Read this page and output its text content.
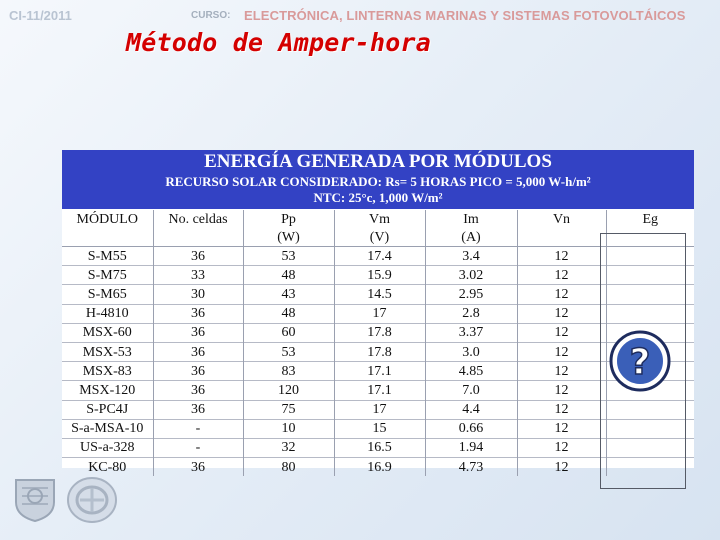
CI-11/2011	CURSO: ELECTRÓNICA, LINTERNAS MARINAS Y SISTEMAS FOTOVOLTÁICOS
Método de Amper-hora
ENERGÍA GENERADA POR MÓDULOS
RECURSO SOLAR CONSIDERADO: Rs= 5 HORAS PICO = 5,000 W-h/m²
NTC: 25°c, 1,000 W/m²
MÓDULO	No. celdas	Pp	Vm	Im	Vn	Eg
		(W)	(V)	(A)		
S-M55	36	53	17.4	3.4	12	
S-M75	33	48	15.9	3.02	12	
S-M65	30	43	14.5	2.95	12	
H-4810	36	48	17	2.8	12	
MSX-60	36	60	17.8	3.37	12	
MSX-53	36	53	17.8	3.0	12	
MSX-83	36	83	17.1	4.85	12	
MSX-120	36	120	17.1	7.0	12	
S-PC4J	36	75	17	4.4	12	
S-a-MSA-10	-	10	15	0.66	12	
US-a-328	-	32	16.5	1.94	12	
KC-80	36	80	16.9	4.73	12	
?
